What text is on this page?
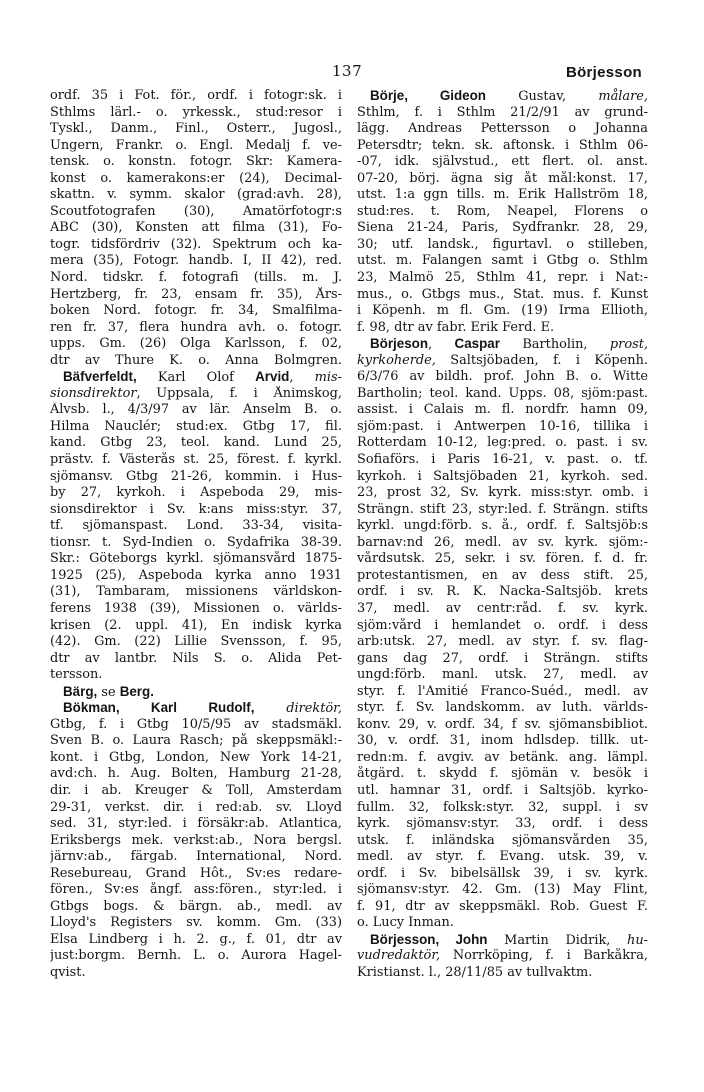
137	Börjesson
ordf. 35 i Fot. för., ordf. i fotogr:sk. i
Sthlms lärl.- o. yrkessk., stud:resor i
Tyskl., Danm., Finl., Österr., Jugosl.,
Ungern, Frankr. o. Engl. Medalj f. ve-
tensk. o. konstn. fotogr. Skr: Kamera-
konst o. kamerakons:er (24), Decimal-
skattn. v. symm. skalor (grad:avh. 28),
Scoutfotografen (30), Amatörfotogr:s
ABC (30), Konsten att filma (31), Fo-
togr. tidsfördriv (32). Spektrum och ka-
mera (35), Fotogr. handb. I, II 42), red.
Nord. tidskr. f. fotografi (tills. m. J.
Hertzberg, fr. 23, ensam fr. 35), Års-
boken Nord. fotogr. fr. 34, Smalfilma-
ren fr. 37, flera hundra avh. o. fotogr.
upps. Gm. (26) Olga Karlsson, f. 02,
dtr av Thure K. o. Anna Bolmgren.
Bäfverfeldt, Karl Olof Arvid, mis-
sionsdirektor, Uppsala, f. i Ånimskog,
Älvsb. l., 4/3/97 av lär. Anselm B. o.
Hilma Nauclér; stud:ex. Gtbg 17, fil.
kand. Gtbg 23, teol. kand. Lund 25,
prästv. f. Västerås st. 25, förest. f. kyrkl.
sjömansv. Gtbg 21-26, kommin. i Hus-
by 27, kyrkoh. i Aspeboda 29, mis-
sionsdirektor i Sv. k:ans miss:styr. 37,
tf. sjömanspast. Lond. 33-34, visita-
tionsr. t. Syd-Indien o. Sydafrika 38-39.
Skr.: Göteborgs kyrkl. sjömansvård 1875-
1925 (25), Aspeboda kyrka anno 1931
(31), Tambaram, missionens världskon-
ferens 1938 (39), Missionen o. världs-
krisen (2. uppl. 41), En indisk kyrka
(42). Gm. (22) Lillie Svensson, f. 95,
dtr av lantbr. Nils S. o. Alida Pet-
tersson.
Bärg, se Berg.
Bökman, Karl Rudolf, direktör,
Gtbg, f. i Gtbg 10/5/95 av stadsmäkl.
Sven B. o. Laura Rasch; på skeppsmäkl:-
kont. i Gtbg, London, New York 14-21,
avd:ch. h. Aug. Bolten, Hamburg 21-28,
dir. i ab. Kreuger & Toll, Amsterdam
29-31, verkst. dir. i red:ab. sv. Lloyd
sed. 31, styr:led. i försäkr:ab. Atlantica,
Eriksbergs mek. verkst:ab., Nora bergsl.
järnv:ab., färgab. International, Nord.
Resebureau, Grand Hôt., Sv:es redare-
fören., Sv:es ångf. ass:fören., styr:led. i
Gtbgs bogs. & bärgn. ab., medl. av
Lloyd's Registers sv. komm. Gm. (33)
Elsa Lindberg i h. 2. g., f. 01, dtr av
just:borgm. Bernh. L. o. Aurora Hagel-
qvist.
Börje, Gideon Gustav, målare,
Sthlm, f. i Sthlm 21/2/91 av grund-
lägg. Andreas Pettersson o Johanna
Petersdtr; tekn. sk. aftonsk. i Sthlm 06-
-07, idk. självstud., ett flert. ol. anst.
07-20, börj. ägna sig åt mål:konst. 17,
utst. 1:a ggn tills. m. Erik Hallström 18,
stud:res. t. Rom, Neapel, Florens o
Siena 21-24, Paris, Sydfrankr. 28, 29,
30; utf. landsk., figurtavl. o stilleben,
utst. m. Falangen samt i Gtbg o. Sthlm
23, Malmö 25, Sthlm 41, repr. i Nat:-
mus., o. Gtbgs mus., Stat. mus. f. Kunst
i Köpenh. m fl. Gm. (19) Irma Ellioth,
f. 98, dtr av fabr. Erik Ferd. E.
Börjeson, Caspar Bartholin, prost,
kyrkoherde, Saltsjöbaden, f. i Köpenh.
6/3/76 av bildh. prof. John B. o. Witte
Bartholin; teol. kand. Upps. 08, sjöm:past.
assist. i Calais m. fl. nordfr. hamn 09,
sjöm:past. i Antwerpen 10-16, tillika i
Rotterdam 10-12, leg:pred. o. past. i sv.
Sofiaförs. i Paris 16-21, v. past. o. tf.
kyrkoh. i Saltsjöbaden 21, kyrkoh. sed.
23, prost 32, Sv. kyrk. miss:styr. omb. i
Strängn. stift 23, styr:led. f. Strängn. stifts
kyrkl. ungd:förb. s. å., ordf. f. Saltsjöb:s
barnav:nd 26, medl. av sv. kyrk. sjöm:-
vårdsutsk. 25, sekr. i sv. fören. f. d. fr.
protestantismen, en av dess stift. 25,
ordf. i sv. R. K. Nacka-Saltsjöb. krets
37, medl. av centr:råd. f. sv. kyrk.
sjöm:vård i hemlandet o. ordf. i dess
arb:utsk. 27, medl. av styr. f. sv. flag-
gans dag 27, ordf. i Strängn. stifts
ungd:förb. manl. utsk. 27, medl. av
styr. f. l'Amitié Franco-Suéd., medl. av
styr. f. Sv. landskomm. av luth. världs-
konv. 29, v. ordf. 34, f sv. sjömansbibliot.
30, v. ordf. 31, inom hdlsdep. tillk. ut-
redn:m. f. avgiv. av betänk. ang. lämpl.
åtgärd. t. skydd f. sjömän v. besök i
utl. hamnar 31, ordf. i Saltsjöb. kyrko-
fullm. 32, folksk:styr. 32, suppl. i sv
kyrk. sjömansv:styr. 33, ordf. i dess
utsk. f. inländska sjömansvården 35,
medl. av styr. f. Evang. utsk. 39, v.
ordf. i Sv. bibelsällsk 39, i sv. kyrk.
sjömansv:styr. 42. Gm. (13) May Flint,
f. 91, dtr av skeppsmäkl. Rob. Guest F.
o. Lucy Inman.
Börjesson, John Martin Didrik, hu-
vudredaktör, Norrköping, f. i Barkåkra,
Kristianst. l., 28/11/85 av tullvaktm.
